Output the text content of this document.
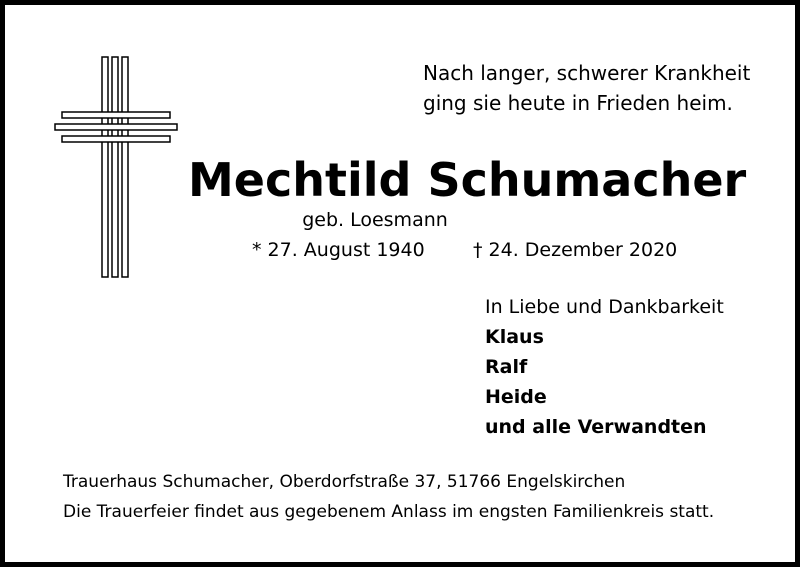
Nach langer, schwerer Krankheit

ging sie heute in Frieden heim.

Mechtild Schumacher

geb. Loesmann

* 27. August 1940	† 24. Dezember 2020

In Liebe und Dankbarkeit

Klaus

Ralf

Heide

und alle Verwandten

Trauerhaus Schumacher, Oberdorfstraße 37, 51766 Engelskirchen

Die Trauerfeier findet aus gegebenem Anlass im engsten Familienkreis statt.
